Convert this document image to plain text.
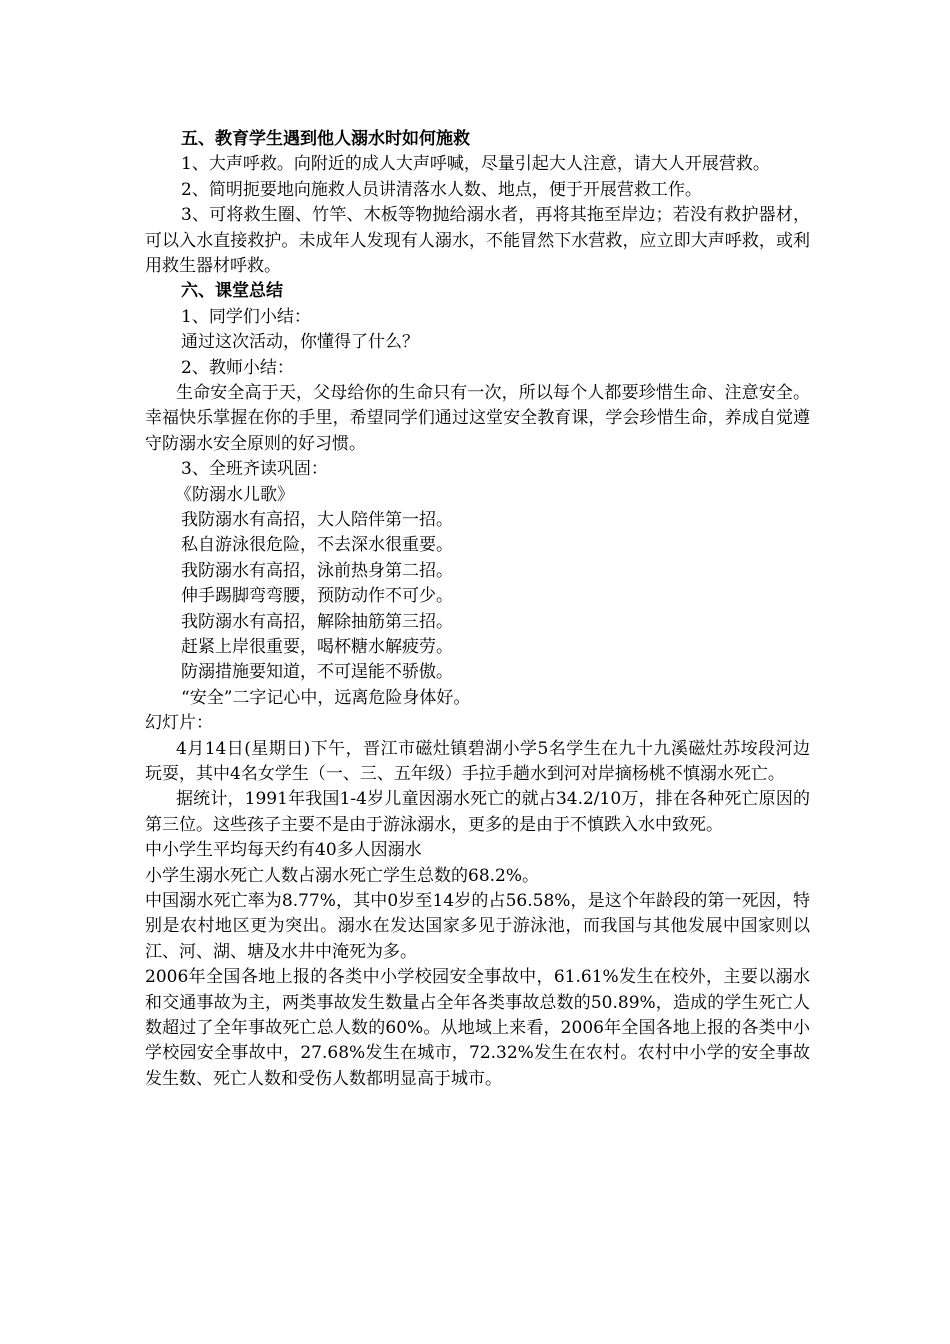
五、教育学生遇到他人溺水时如何施救
1、大声呼救。向附近的成人大声呼喊，尽量引起大人注意，请大人开展营救。
2、简明扼要地向施救人员讲清落水人数、地点，便于开展营救工作。
3、可将救生圈、竹竿、木板等物抛给溺水者，再将其拖至岸边；若没有救护器材，可以入水直接救护。未成年人发现有人溺水，不能冒然下水营救，应立即大声呼救，或利用救生器材呼救。
六、课堂总结
1、同学们小结：
通过这次活动，你懂得了什么？
2、教师小结：
生命安全高于天，父母给你的生命只有一次，所以每个人都要珍惜生命、注意安全。幸福快乐掌握在你的手里，希望同学们通过这堂安全教育课，学会珍惜生命，养成自觉遵守防溺水安全原则的好习惯。
3、全班齐读巩固：
《防溺水儿歌》
我防溺水有高招，大人陪伴第一招。
私自游泳很危险，不去深水很重要。
我防溺水有高招，泳前热身第二招。
伸手踢脚弯弯腰，预防动作不可少。
我防溺水有高招，解除抽筋第三招。
赶紧上岸很重要，喝杯糖水解疲劳。
防溺措施要知道，不可逞能不骄傲。
“安全”二字记心中，远离危险身体好。
幻灯片：
4月14日(星期日)下午，晋江市磁灶镇碧湖小学5名学生在九十九溪磁灶苏垵段河边玩耍，其中4名女学生（一、三、五年级）手拉手趟水到河对岸摘杨桃不慎溺水死亡。
据统计，1991年我国1-4岁儿童因溺水死亡的就占34.2/10万，排在各种死亡原因的第三位。这些孩子主要不是由于游泳溺水，更多的是由于不慎跌入水中致死。
中小学生平均每天约有40多人因溺水
小学生溺水死亡人数占溺水死亡学生总数的68.2%。
中国溺水死亡率为8.77%，其中0岁至14岁的占56.58%，是这个年龄段的第一死因，特别是农村地区更为突出。溺水在发达国家多见于游泳池，而我国与其他发展中国家则以江、河、湖、塘及水井中淹死为多。
2006年全国各地上报的各类中小学校园安全事故中，61.61%发生在校外，主要以溺水和交通事故为主，两类事故发生数量占全年各类事故总数的50.89%，造成的学生死亡人数超过了全年事故死亡总人数的60%。从地域上来看，2006年全国各地上报的各类中小学校园安全事故中，27.68%发生在城市，72.32%发生在农村。农村中小学的安全事故发生数、死亡人数和受伤人数都明显高于城市。
